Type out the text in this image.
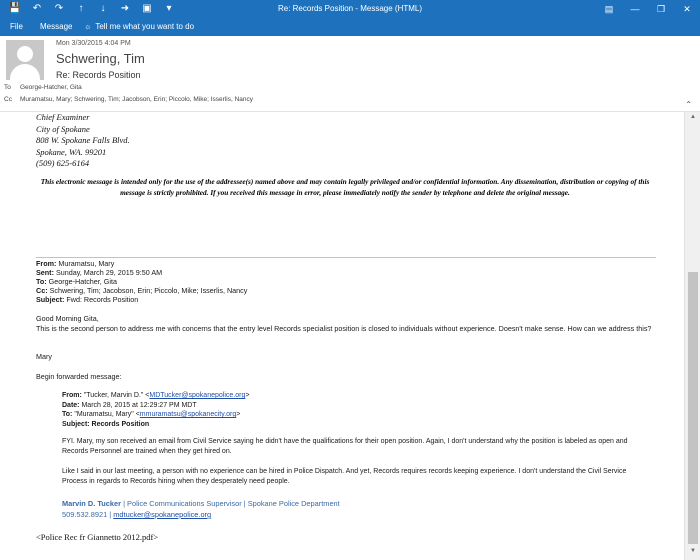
💾	↶	↷	↑	↓	➜	▣	▾	Re: Records Position - Message (HTML)	▤	—	❐	✕
File Message ☼ Tell me what you want to do
Mon 3/30/2015 4:04 PM
Schwering, Tim
Re: Records Position
To George-Hatcher, Gita
Cc Muramatsu, Mary; Schwering, Tim; Jacobson, Erin; Piccolo, Mike; Isserlis, Nancy
⌃
Chief Examiner
City of Spokane
808 W. Spokane Falls Blvd.
Spokane, WA. 99201
(509) 625-6164
This electronic message is intended only for the use of the addressee(s) named above and may contain legally privileged and/or confidential information. Any dissemination, distribution or copying of this message is strictly prohibited. If you received this message in error, please immediately notify the sender by telephone and delete the original message.
From: Muramatsu, Mary
Sent: Sunday, March 29, 2015 9:50 AM
To: George-Hatcher, Gita
Cc: Schwering, Tim; Jacobson, Erin; Piccolo, Mike; Isserlis, Nancy
Subject: Fwd: Records Position
Good Morning Gita,
This is the second person to address me with concerns that the entry level Records specialist position is closed to individuals without experience. Doesn't make sense. How can we address this?
Mary
Begin forwarded message:
From: "Tucker, Marvin D." <MDTucker@spokanepolice.org>
Date: March 28, 2015 at 12:29:27 PM MDT
To: "Muramatsu, Mary" <mmuramatsu@spokanecity.org>
Subject: Records Position
FYI. Mary, my son received an email from Civil Service saying he didn't have the qualifications for their open position. Again, I don't understand why the position is labeled as open and Records Personnel are trained when they get hired on.
Like I said in our last meeting, a person with no experience can be hired in Police Dispatch. And yet, Records requires records keeping experience. I don't understand the Civil Service Process in regards to Records hiring when they desperately need people.
Marvin D. Tucker | Police Communications Supervisor | Spokane Police Department
509.532.8921 | mdtucker@spokanepolice.org
<Police Rec fr Giannetto 2012.pdf>
▲
▼
